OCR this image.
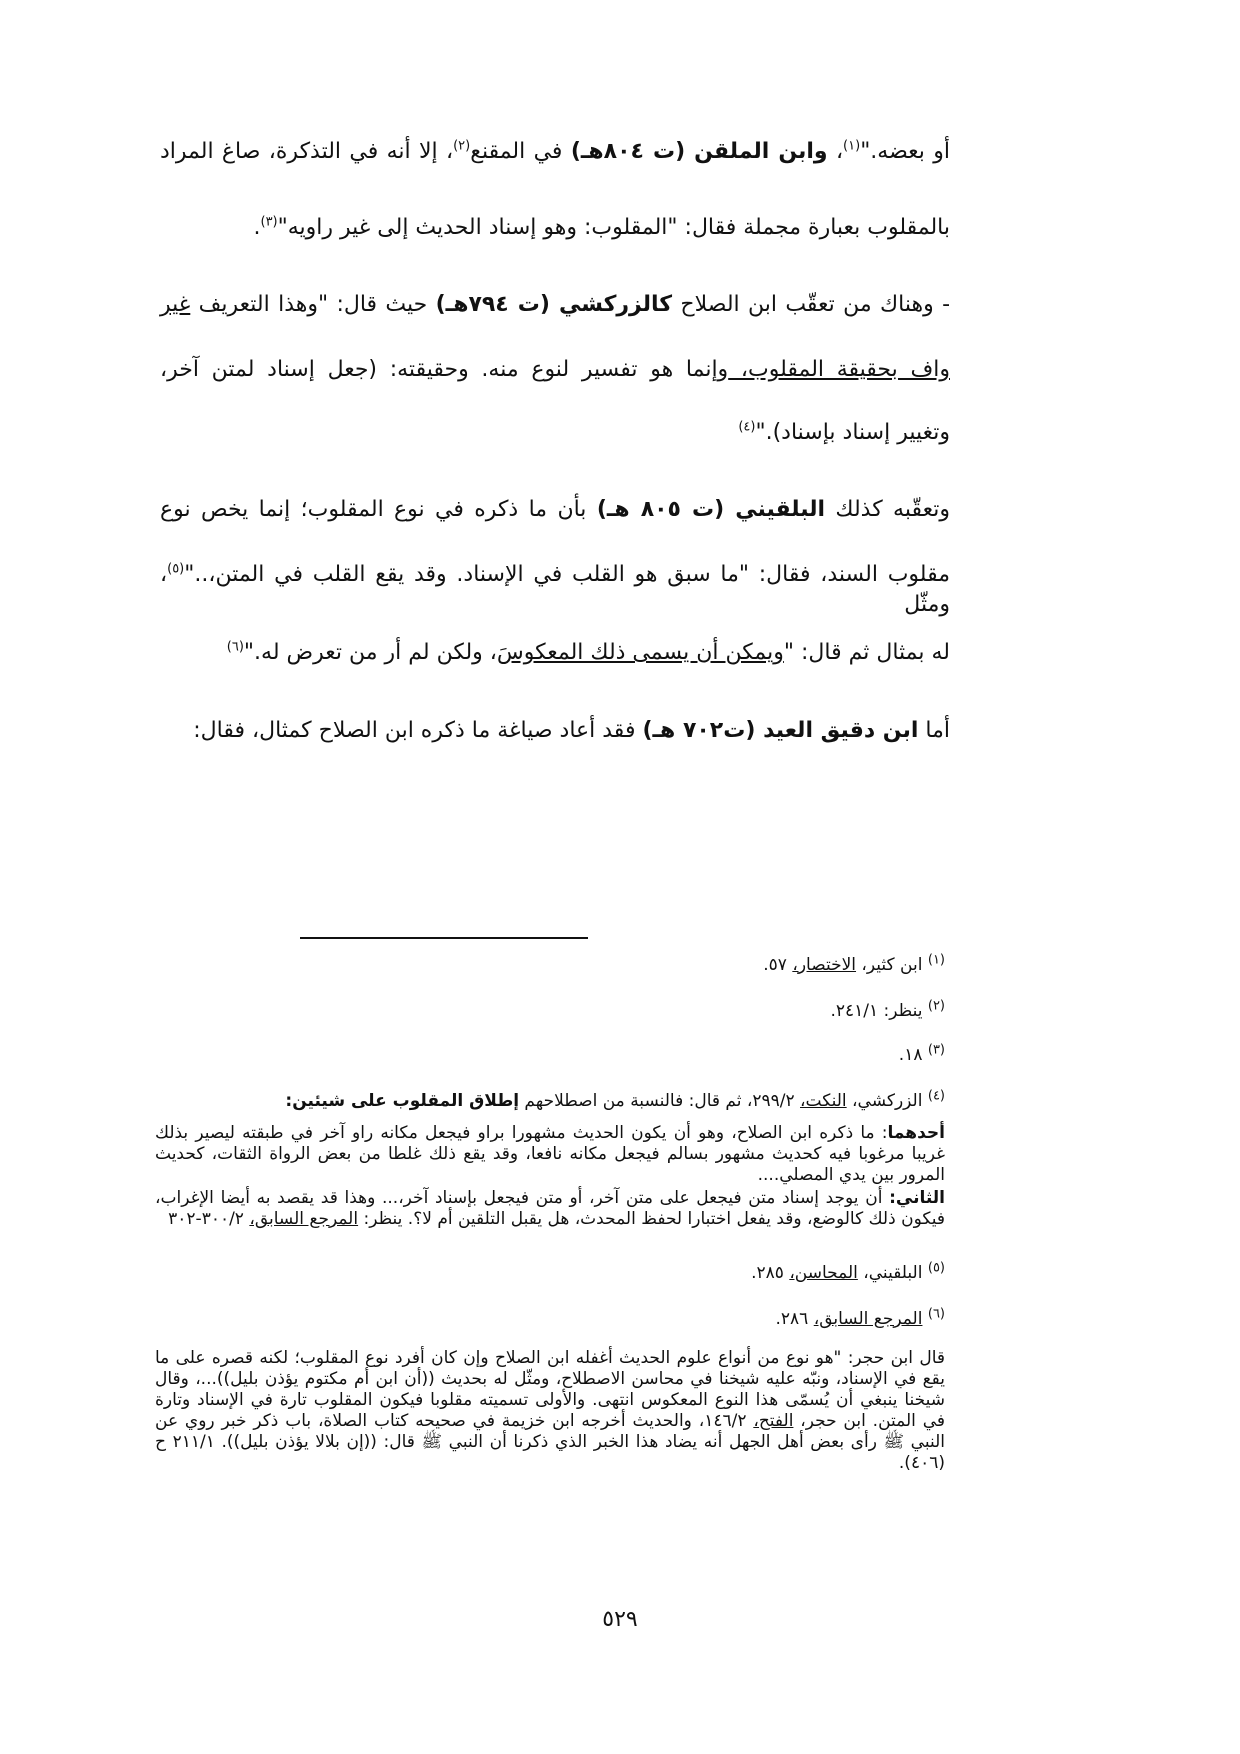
أو بعضه."$^{(١)}$، وابن الملقن (ت ٨٠٤هـ) في المقنع$^{(٢)}$، إلا أنه في التذكرة، صاغ المراد
بالمقلوب بعبارة مجملة فقال: "المقلوب: وهو إسناد الحديث إلى غير راويه"$^{(٣)}$.
- وهناك من تعقّب ابن الصلاح كالزركشي (ت ٧٩٤هـ) حيث قال: "وهذا التعريف غير
واف بحقيقة المقلوب، وإنما هو تفسير لنوع منه. وحقيقته: (جعل إسناد لمتن آخر،
وتغيير إسناد بإسناد)."$^{(٤)}$
وتعقّبه كذلك البلقيني (ت ٨٠٥ هـ) بأن ما ذكره في نوع المقلوب؛ إنما يخص نوع
مقلوب السند، فقال: "ما سبق هو القلب في الإسناد. وقد يقع القلب في المتن،.."$^{(٥)}$، ومثّل
له بمثال ثم قال: "ويمكن أن يسمى ذلك المعكوسَ، ولكن لم أر من تعرض له."$^{(٦)}$
أما ابن دقيق العيد (ت٧٠٢ هـ) فقد أعاد صياغة ما ذكره ابن الصلاح كمثال، فقال:
$^{(١)}$ ابن كثير، الاختصار، ٥٧.
$^{(٢)}$ ينظر: ٢٤١/١.
$^{(٣)}$ ١٨.
$^{(٤)}$ الزركشي، النكت، ٢٩٩/٢، ثم قال: فالنسبة من اصطلاحهم إطلاق المقلوب على شيئين:
أحدهما: ما ذكره ابن الصلاح، وهو أن يكون الحديث مشهورا براو فيجعل مكانه راو آخر في طبقته ليصير بذلك غريبا مرغوبا فيه كحديث مشهور بسالم فيجعل مكانه نافعا، وقد يقع ذلك غلطا من بعض الرواة الثقات، كحديث المرور بين يدي المصلي....
الثاني: أن يوجد إسناد متن فيجعل على متن آخر، أو متن فيجعل بإسناد آخر،... وهذا قد يقصد به أيضا الإغراب، فيكون ذلك كالوضع، وقد يفعل اختبارا لحفظ المحدث، هل يقبل التلقين أم لا؟. ينظر: المرجع السابق، ٣٠٠/٢-٣٠٢
$^{(٥)}$ البلقيني، المحاسن، ٢٨٥.
$^{(٦)}$ المرجع السابق، ٢٨٦.
قال ابن حجر: "هو نوع من أنواع علوم الحديث أغفله ابن الصلاح وإن كان أفرد نوع المقلوب؛ لكنه قصره على ما يقع في الإسناد، ونبّه عليه شيخنا في محاسن الاصطلاح، ومثّل له بحديث ((أن ابن أم مكتوم يؤذن بليل))...، وقال شيخنا ينبغي أن يُسمّى هذا النوع المعكوس انتهى. والأولى تسميته مقلوبا فيكون المقلوب تارة في الإسناد وتارة في المتن. ابن حجر، الفتح، ١٤٦/٢، والحديث أخرجه ابن خزيمة في صحيحه كتاب الصلاة، باب ذكر خبر روي عن النبي ﷺ رأى بعض أهل الجهل أنه يضاد هذا الخبر الذي ذكرنا أن النبي ﷺ قال: ((إن بلالا يؤذن بليل)). ٢١١/١ ح (٤٠٦).
٥٢٩
